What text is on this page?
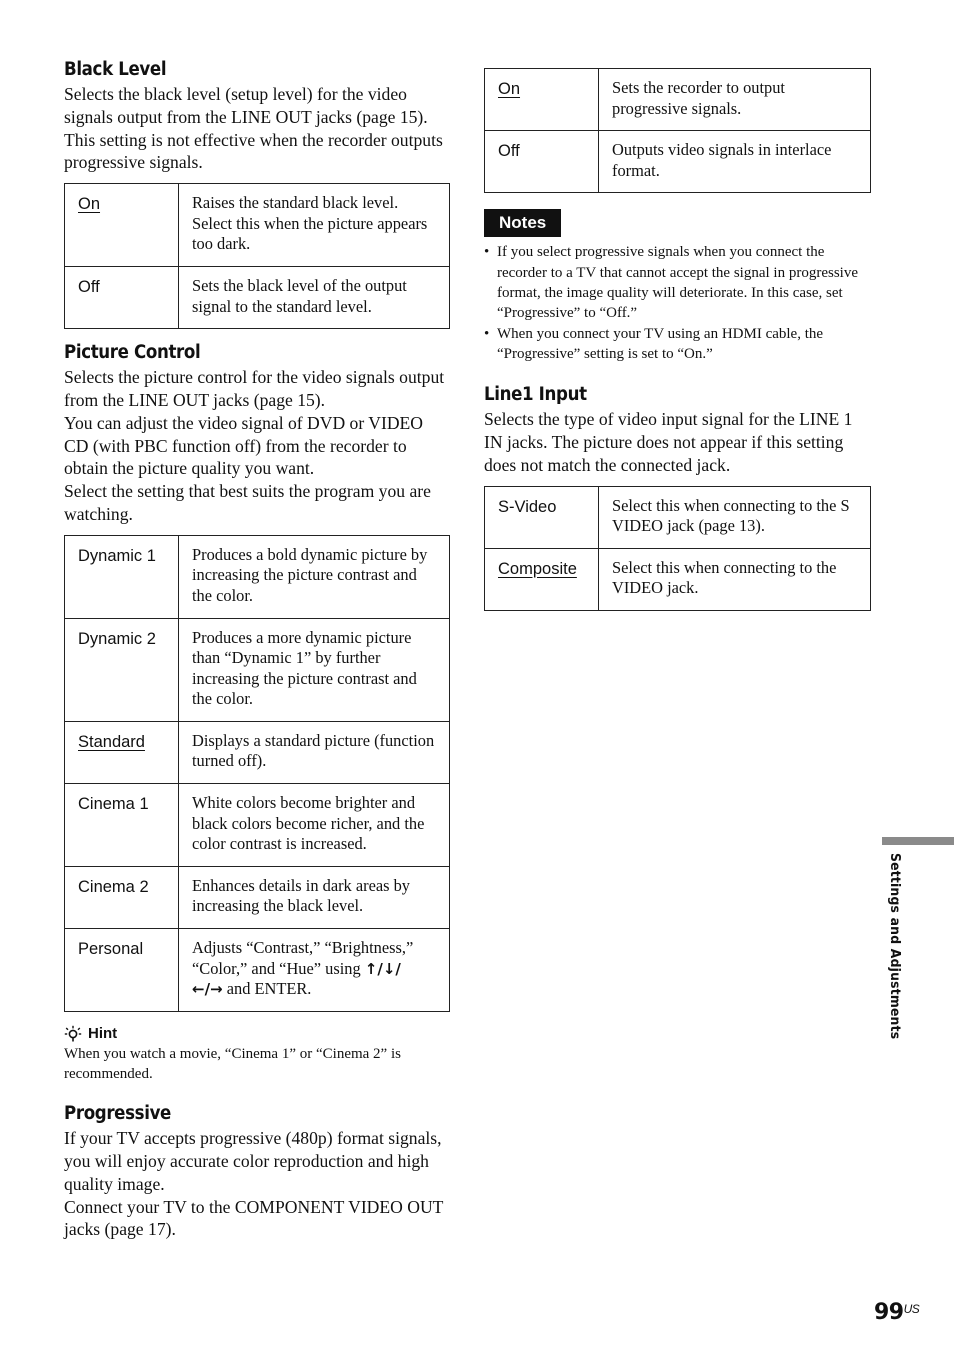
Black Level

Selects the black level (setup level) for the video signals output from the LINE OUT jacks (page 15).

This setting is not effective when the recorder outputs progressive signals.

On	Raises the standard black level. Select this when the picture appears too dark.
Off	Sets the black level of the output signal to the standard level.
Picture Control

Selects the picture control for the video signals output from the LINE OUT jacks (page 15).

You can adjust the video signal of DVD or VIDEO CD (with PBC function off) from the recorder to obtain the picture quality you want.

Select the setting that best suits the program you are watching.

Dynamic 1	Produces a bold dynamic picture by increasing the picture contrast and the color.
Dynamic 2	Produces a more dynamic picture than “Dynamic 1” by further increasing the picture contrast and the color.
Standard	Displays a standard picture (function turned off).
Cinema 1	White colors become brighter and black colors become richer, and the color contrast is increased.
Cinema 2	Enhances details in dark areas by increasing the black level.
Personal	Adjusts “Contrast,” “Brightness,” “Color,” and “Hue” using ↑/↓/
←/→ and ENTER.
Hint

When you watch a movie, “Cinema 1” or “Cinema 2” is recommended.

Progressive

If your TV accepts progressive (480p) format signals, you will enjoy accurate color reproduction and high quality image.

Connect your TV to the COMPONENT VIDEO OUT jacks (page 17).

On	Sets the recorder to output progressive signals.
Off	Outputs video signals in interlace format.
Notes
• If you select progressive signals when you connect the recorder to a TV that cannot accept the signal in progressive format, the image quality will deteriorate. In this case, set “Progressive” to “Off.”
• When you connect your TV using an HDMI cable, the “Progressive” setting is set to “On.”
Line1 Input

Selects the type of video input signal for the LINE 1 IN jacks. The picture does not appear if this setting does not match the connected jack.

S-Video	Select this when connecting to the S VIDEO jack (page 13).
Composite	Select this when connecting to the VIDEO jack.
Settings and Adjustments
$99^{US}$
